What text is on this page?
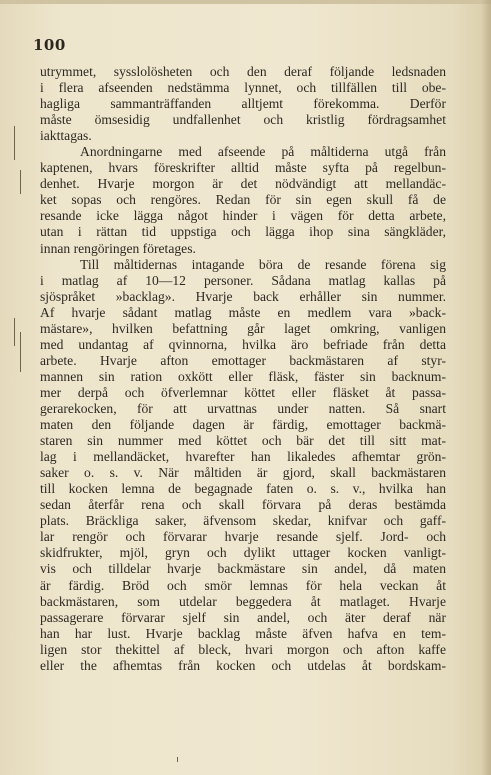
100
utrymmet, sysslolösheten och den deraf följande ledsnaden
i flera afseenden nedstämma lynnet, och tillfällen till obe-
hagliga sammanträffanden alltjemt förekomma. Derför
måste ömsesidig undfallenhet och kristlig fördragsamhet
iakttagas.
Anordningarne med afseende på måltiderna utgå från
kaptenen, hvars föreskrifter alltid måste syfta på regelbun-
denhet. Hvarje morgon är det nödvändigt att mellandäc-
ket sopas och rengöres. Redan för sin egen skull få de
resande icke lägga något hinder i vägen för detta arbete,
utan i rättan tid uppstiga och lägga ihop sina sängkläder,
innan rengöringen företages.
Till måltidernas intagande böra de resande förena sig
i matlag af 10—12 personer. Sådana matlag kallas på
sjöspråket »backlag». Hvarje back erhåller sin nummer.
Af hvarje sådant matlag måste en medlem vara »back-
mästare», hvilken befattning går laget omkring, vanligen
med undantag af qvinnorna, hvilka äro befriade från detta
arbete. Hvarje afton emottager backmästaren af styr-
mannen sin ration oxkött eller fläsk, fäster sin backnum-
mer derpå och öfverlemnar köttet eller fläsket åt passa-
gerarekocken, för att urvattnas under natten. Så snart
maten den följande dagen är färdig, emottager backmä-
staren sin nummer med köttet och bär det till sitt mat-
lag i mellandäcket, hvarefter han likaledes afhemtar grön-
saker o. s. v. När måltiden är gjord, skall backmästaren
till kocken lemna de begagnade faten o. s. v., hvilka han
sedan återfår rena och skall förvara på deras bestämda
plats. Bräckliga saker, äfvensom skedar, knifvar och gaff-
lar rengör och förvarar hvarje resande sjelf. Jord- och
skidfrukter, mjöl, gryn och dylikt uttager kocken vanligt-
vis och tilldelar hvarje backmästare sin andel, då maten
är färdig. Bröd och smör lemnas för hela veckan åt
backmästaren, som utdelar beggedera åt matlaget. Hvarje
passagerare förvarar sjelf sin andel, och äter deraf när
han har lust. Hvarje backlag måste äfven hafva en tem-
ligen stor thekittel af bleck, hvari morgon och afton kaffe
eller the afhemtas från kocken och utdelas åt bordskam-
